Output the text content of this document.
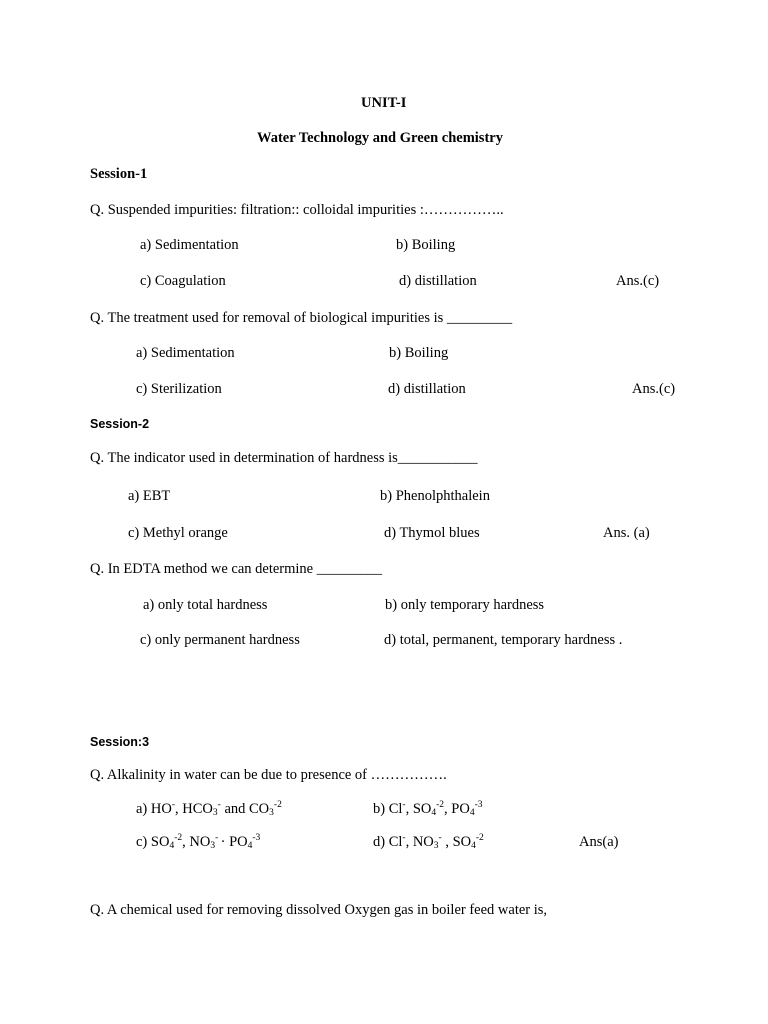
UNIT-I
Water Technology and Green chemistry
Session-1
Q. Suspended impurities: filtration:: colloidal impurities :……………..
a) Sedimentation	b) Boiling
c) Coagulation	d) distillation	Ans.(c)
Q. The treatment used for removal of biological impurities is _________
a) Sedimentation	b) Boiling
c) Sterilization	d) distillation	Ans.(c)
Session-2
Q. The indicator used in determination of hardness is___________
a) EBT	b) Phenolphthalein
c) Methyl orange	d) Thymol blues	Ans. (a)
Q. In EDTA method we can determine _________
a) only total hardness	b) only temporary hardness
c) only permanent hardness	d) total, permanent, temporary hardness .
Session:3
Q. Alkalinity in water can be due to presence of …………….
a) HO-, $HCO_3^-$ and $CO_3^{-2}$	b) Cl-, $SO_4^{-2}$, $PO_4^{-3}$
c) $SO_4^{-2}$, $NO_3^- \cdot PO_4^{-3}$	d) Cl-, $NO_3^-$ , $SO_4^{-2}$	Ans(a)
Q. A chemical used for removing dissolved Oxygen gas in boiler feed water is,
